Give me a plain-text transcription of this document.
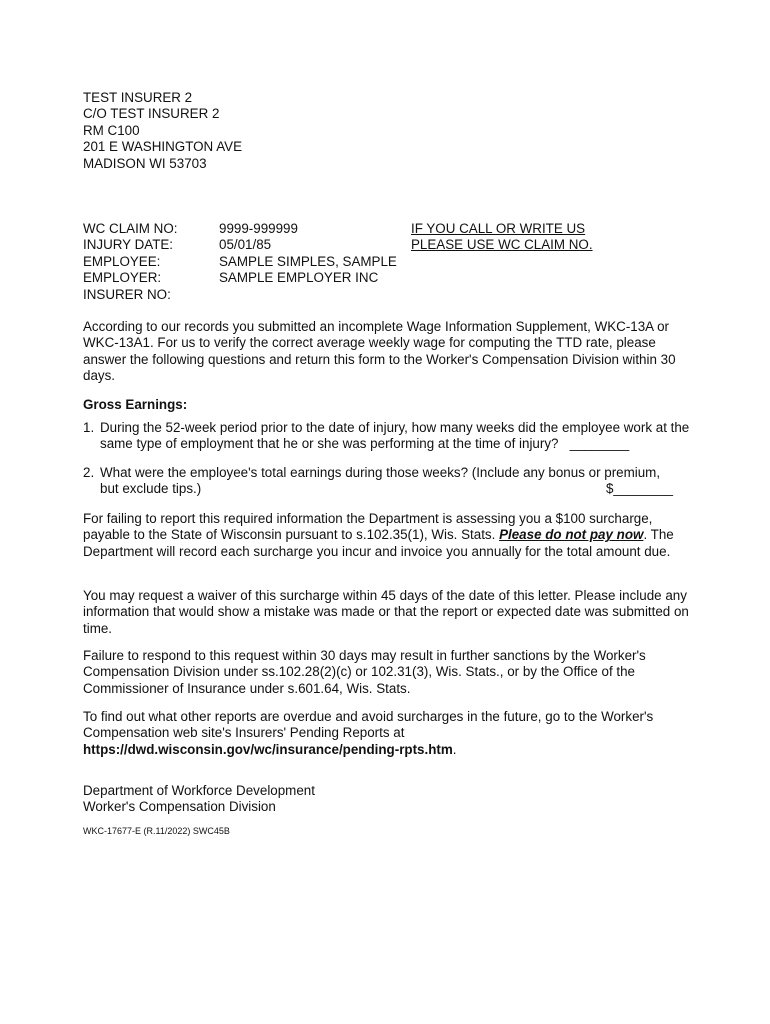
TEST INSURER 2
C/O TEST INSURER 2
RM C100
201 E WASHINGTON AVE
MADISON WI 53703
WC CLAIM NO:	9999-999999
INJURY DATE:	05/01/85
EMPLOYEE:	SAMPLE SIMPLES, SAMPLE
EMPLOYER:	SAMPLE EMPLOYER INC
INSURER NO:
IF YOU CALL OR WRITE US
PLEASE USE WC CLAIM NO.

According to our records you submitted an incomplete Wage Information Supplement, WKC-13A or WKC-13A1. For us to verify the correct average weekly wage for computing the TTD rate, please answer the following questions and return this form to the Worker's Compensation Division within 30 days.

Gross Earnings:
1. During the 52-week period prior to the date of injury, how many weeks did the employee work at the same type of employment that he or she was performing at the time of injury? ________
2. What were the employee's total earnings during those weeks? (Include any bonus or premium,
but exclude tips.)	$________

For failing to report this required information the Department is assessing you a $100 surcharge, payable to the State of Wisconsin pursuant to s.102.35(1), Wis. Stats. Please do not pay now. The Department will record each surcharge you incur and invoice you annually for the total amount due.

You may request a waiver of this surcharge within 45 days of the date of this letter. Please include any information that would show a mistake was made or that the report or expected date was submitted on time.

Failure to respond to this request within 30 days may result in further sanctions by the Worker's Compensation Division under ss.102.28(2)(c) or 102.31(3), Wis. Stats., or by the Office of the Commissioner of Insurance under s.601.64, Wis. Stats.

To find out what other reports are overdue and avoid surcharges in the future, go to the Worker's Compensation web site's Insurers' Pending Reports at https://dwd.wisconsin.gov/wc/insurance/pending-rpts.htm.

Department of Workforce Development
Worker's Compensation Division
WKC-17677-E (R.11/2022) SWC45B
